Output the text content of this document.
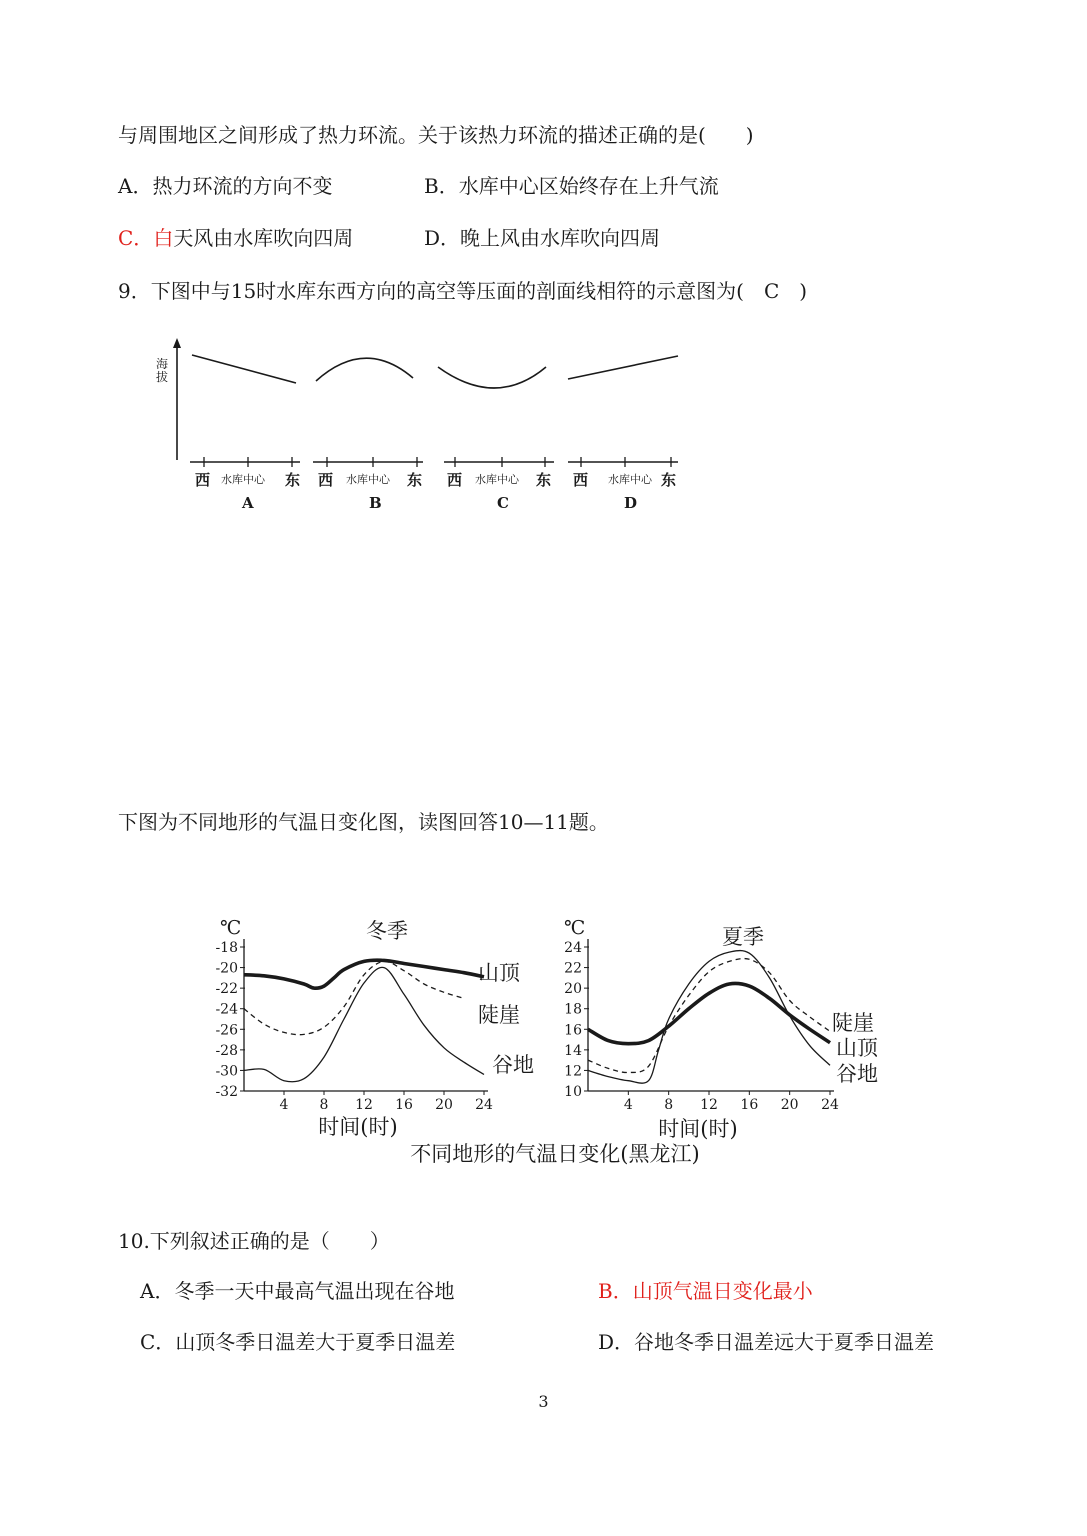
与周围地区之间形成了热力环流。关于该热力环流的描述正确的是(　　)
A．热力环流的方向不变	B．水库中心区始终存在上升气流
C．白天风由水库吹向四周	D．晚上风由水库吹向四周
9．下图中与15时水库东西方向的高空等压面的剖面线相符的示意图为(　C　)
海拔
西 水库中心 东
A
西 水库中心 东
B
西 水库中心 东
C
西 水库中心 东
D
下图为不同地形的气温日变化图，读图回答10—11题。
-18
-20
-22
-24
-26
-28
-30
-32
4 8 12 16 20 24
℃	冬季
时间(时)
山顶
陡崖
谷地
24
22
20
18
16
14
12
10
4 8 12 16 20 24
℃	夏季
时间(时)
陡崖
山顶
谷地
不同地形的气温日变化(黑龙江)
10.下列叙述正确的是（　　）
A．冬季一天中最高气温出现在谷地	B．山顶气温日变化最小
C．山顶冬季日温差大于夏季日温差	D．谷地冬季日温差远大于夏季日温差
3
